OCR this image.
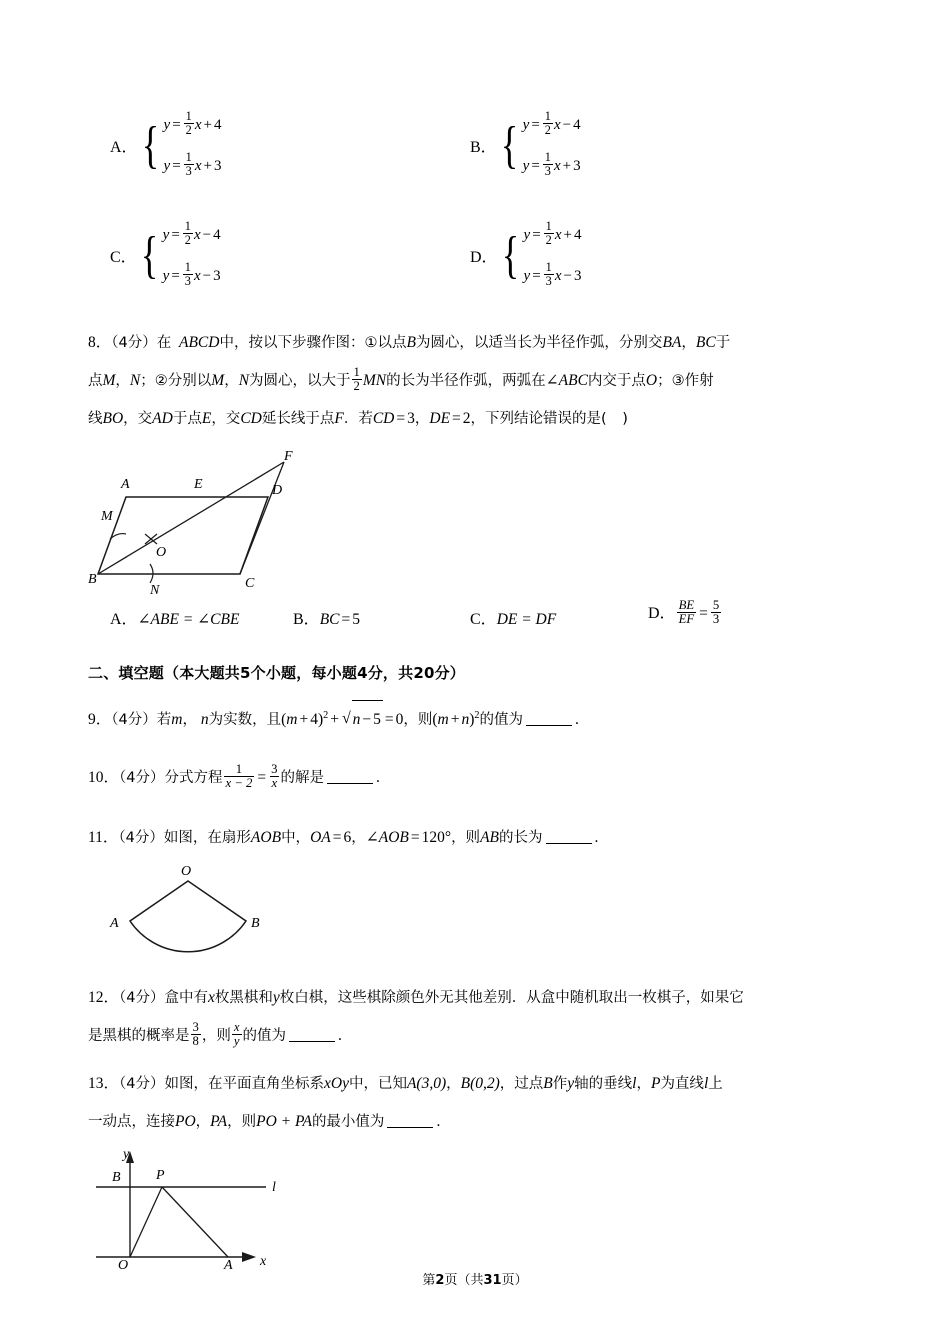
A． { $y = \frac{1}{2}$ x + 4
$y = \frac{1}{3}$ x + 3
B． { $y = \frac{1}{2}$ x − 4
$y = \frac{1}{3}$ x + 3
C． { $y = \frac{1}{2}$ x − 4
$y = \frac{1}{3}$ x − 3
D． { $y = \frac{1}{2}$ x + 4
$y = \frac{1}{3}$ x − 3
8．（4分）在 ABCD中，按以下步骤作图：①以点B为圆心，以适当长为半径作弧，分别交BA，BC于
点M，N；②分别以M，N为圆心，以大于 $\frac{1}{2}$ MN的长为半径作弧，两弧在∠ABC内交于点O；③作射
线BO，交AD于点E，交CD延长线于点F．若CD = 3，DE = 2，下列结论错误的是( )
A
B	C
D
E
F
M
N
O
A．∠ABE = ∠CBE	B．BC = 5	C．DE = DF	D． $\frac{BE}{EF} = \frac{5}{3}$
二、填空题（本大题共5个小题，每小题4分，共20分）
9．（4分）若m， n为实数，且$(m + 4)^2$ + √ n − 5 = 0，则$(m + n)^2$的值为	.
10．（4分）分式方程 $\frac{1}{x - 2} = \frac{3}{x}$ 的解是	.
11．（4分）如图，在扇形AOB中，OA = 6，∠AOB = 120°，则AB的长为	.
O
A	B
12．（4分）盒中有x枚黑棋和y枚白棋，这些棋除颜色外无其他差别．从盒中随机取出一枚棋子，如果它
是黑棋的概率是 $\frac{3}{8}$ ，则 $\frac{x}{y}$ 的值为	.
13．（4分）如图，在平面直角坐标系xOy中，已知A(3,0)，B(0,2)，过点B作y轴的垂线l，P为直线l上
一动点，连接PO，PA，则PO + PA的最小值为	.
y
x
O	A
B	P
l
第2页（共31页）
